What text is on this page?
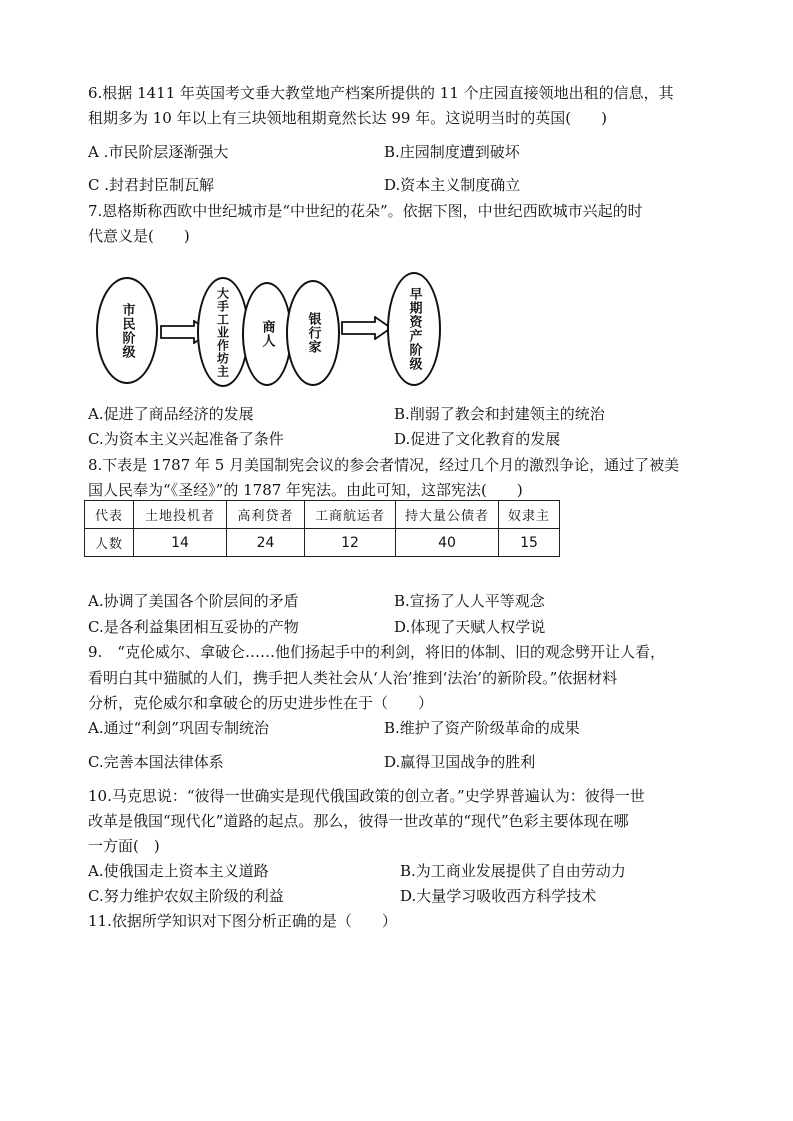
6.根据 1411 年英国考文垂大教堂地产档案所提供的 11 个庄园直接领地出租的信息，其
租期多为 10 年以上有三块领地租期竟然长达 99 年。这说明当时的英国(　　)
A .市民阶层逐渐强大	B.庄园制度遭到破坏
C .封君封臣制瓦解	D.资本主义制度确立
7.恩格斯称西欧中世纪城市是“中世纪的花朵”。依据下图，中世纪西欧城市兴起的时
代意义是(　　)
市民阶级	大手工业作坊主 商人 银行家	早期资产阶级
A.促进了商品经济的发展	B.削弱了教会和封建领主的统治
C.为资本主义兴起准备了条件	D.促进了文化教育的发展
8.下表是 1787 年 5 月美国制宪会议的参会者情况，经过几个月的激烈争论，通过了被美
国人民奉为“《圣经》”的 1787 年宪法。由此可知，这部宪法(　　)
代表	土地投机者	高利贷者	工商航运者	持大量公债者	奴隶主
人数	14	24	12	40	15
A.协调了美国各个阶层间的矛盾	B.宣扬了人人平等观念
C.是各利益集团相互妥协的产物	D.体现了天赋人权学说
9.　“克伦威尔、拿破仑……他们扬起手中的利剑，将旧的体制、旧的观念劈开让人看，
看明白其中猫腻的人们，携手把人类社会从‘人治’推到‘法治’的新阶段。”依据材料
分析，克伦威尔和拿破仑的历史进步性在于（　　）
A.通过“利剑”巩固专制统治	B.维护了资产阶级革命的成果
C.完善本国法律体系	D.赢得卫国战争的胜利
10.马克思说：“彼得一世确实是现代俄国政策的创立者。”史学界普遍认为：彼得一世
改革是俄国“现代化”道路的起点。那么，彼得一世改革的“现代”色彩主要体现在哪
一方面(　)
A.使俄国走上资本主义道路	B.为工商业发展提供了自由劳动力
C.努力维护农奴主阶级的利益	D.大量学习吸收西方科学技术
11.依据所学知识对下图分析正确的是（　　）
